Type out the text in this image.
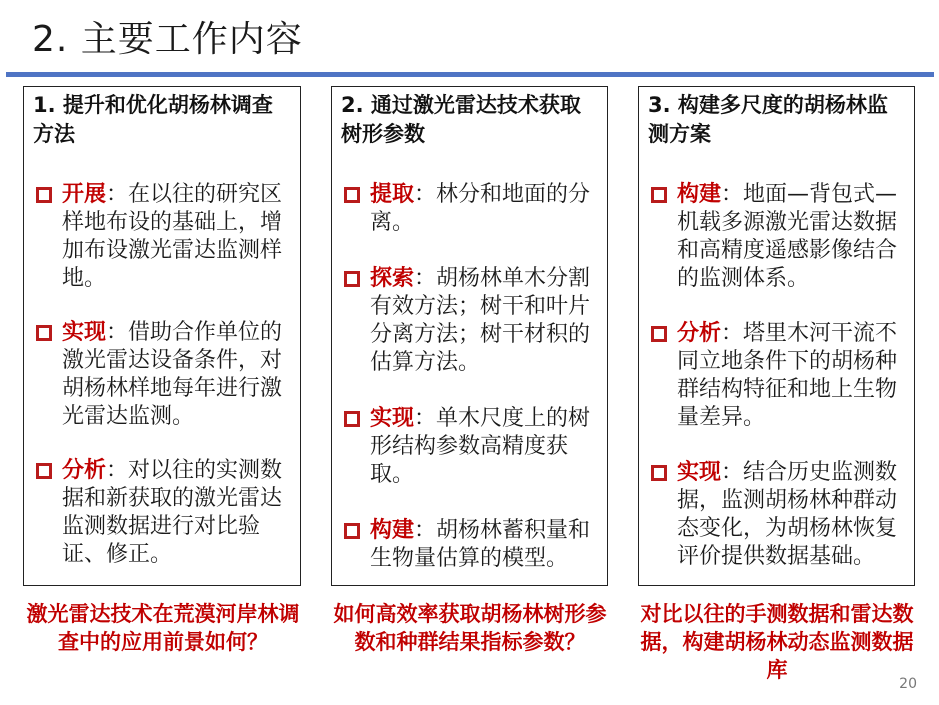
2. 主要工作内容
1. 提升和优化胡杨林调查方法
开展：在以往的研究区样地布设的基础上，增加布设激光雷达监测样地。
实现：借助合作单位的激光雷达设备条件，对胡杨林样地每年进行激光雷达监测。
分析：对以往的实测数据和新获取的激光雷达监测数据进行对比验证、修正。
2. 通过激光雷达技术获取树形参数
提取：林分和地面的分离。
探索：胡杨林单木分割有效方法；树干和叶片分离方法；树干材积的估算方法。
实现：单木尺度上的树形结构参数高精度获取。
构建：胡杨林蓄积量和生物量估算的模型。
3. 构建多尺度的胡杨林监测方案
构建：地面—背包式—机载多源激光雷达数据和高精度遥感影像结合的监测体系。
分析：塔里木河干流不同立地条件下的胡杨种群结构特征和地上生物量差异。
实现：结合历史监测数据，监测胡杨林种群动态变化，为胡杨林恢复评价提供数据基础。
激光雷达技术在荒漠河岸林调查中的应用前景如何？
如何高效率获取胡杨林树形参数和种群结果指标参数？
对比以往的手测数据和雷达数据，构建胡杨林动态监测数据库
20
